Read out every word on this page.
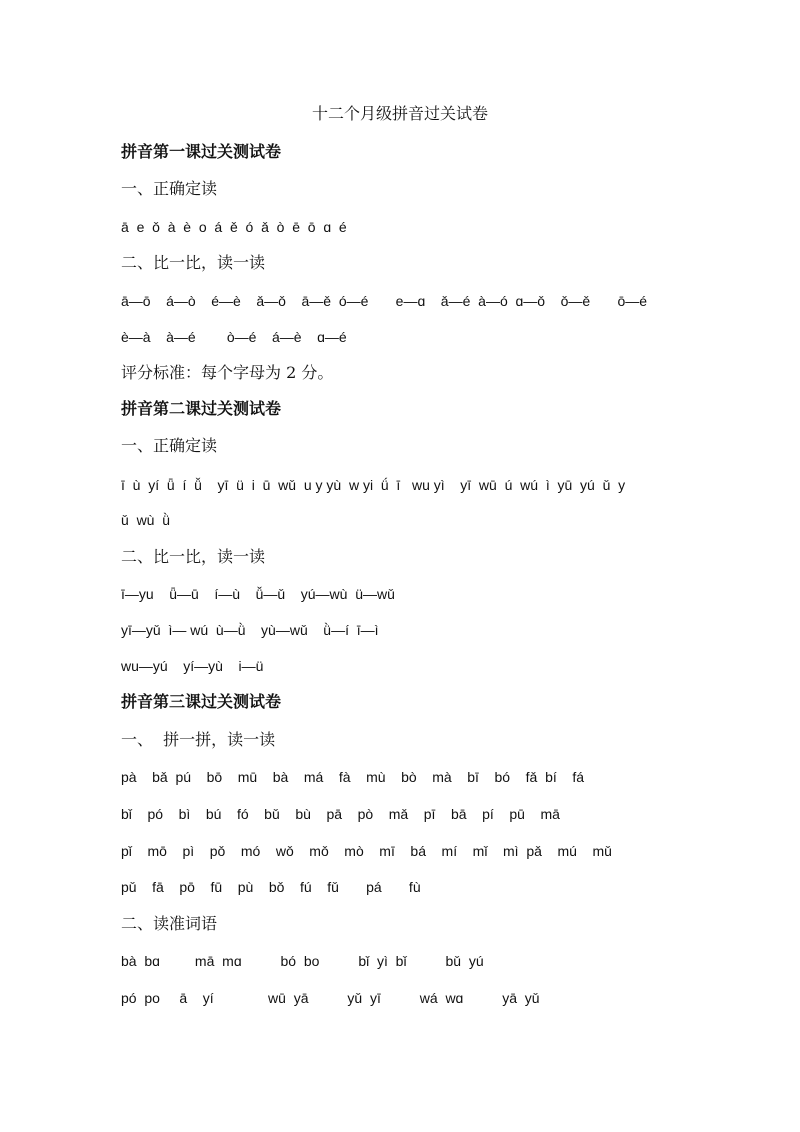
十二个月级拼音过关试卷
拼音第一课过关测试卷
一、正确定读
ā  e  ǒ  à  è  o  á  ě  ó  ǎ  ò  ē  ō  ɑ  é
二、比一比，读一读
ā—ō    á—ò    é—è    ǎ—ǒ    ā—ě  ó—é       e—ɑ    ǎ—é  à—ó  ɑ—ǒ    ǒ—ě       ō—é
è—à    à—é        ò—é    á—è    ɑ—é
评分标准：每个字母为 2 分。
拼音第二课过关测试卷
一、正确定读
ī  ù  yí  ǖ  í  ǚ    yī  ü  i  ū  wǔ  u y yù  w yi  ǘ  ī   wu yì    yī  wū  ú  wú  ì  yū  yú  ǔ  y
ǔ  wù  ǜ
二、比一比，读一读
ī—yu    ǖ—ū    í—ù    ǚ—ǔ    yú—wù  ü—wǔ
yī—yǔ  ì— wú  ù—ǜ    yù—wǔ    ǜ—í  ī—ì
wu—yú    yí—yù    i—ü
拼音第三课过关测试卷
一、  拼一拼，读一读
pà    bǎ  pú    bō    mū    bà    má    fà    mù    bò    mà    bī    bó    fǎ  bí    fá
bǐ    pó    bì    bú    fó    bǔ    bù    pā    pò    mǎ    pī    bā    pí    pū    mā
pǐ    mō    pì    pǒ    mó    wǒ    mǒ    mò    mī    bá    mí    mǐ    mì  pǎ    mú    mǔ
pǔ    fā    pō    fū    pù    bǒ    fú    fǔ       pá       fù
二、读准词语
bà  bɑ         mā  mɑ          bó  bo          bǐ  yì  bǐ          bǔ  yú
pó  po     ā    yí              wū  yā          yǔ  yī          wá  wɑ          yā  yǔ
